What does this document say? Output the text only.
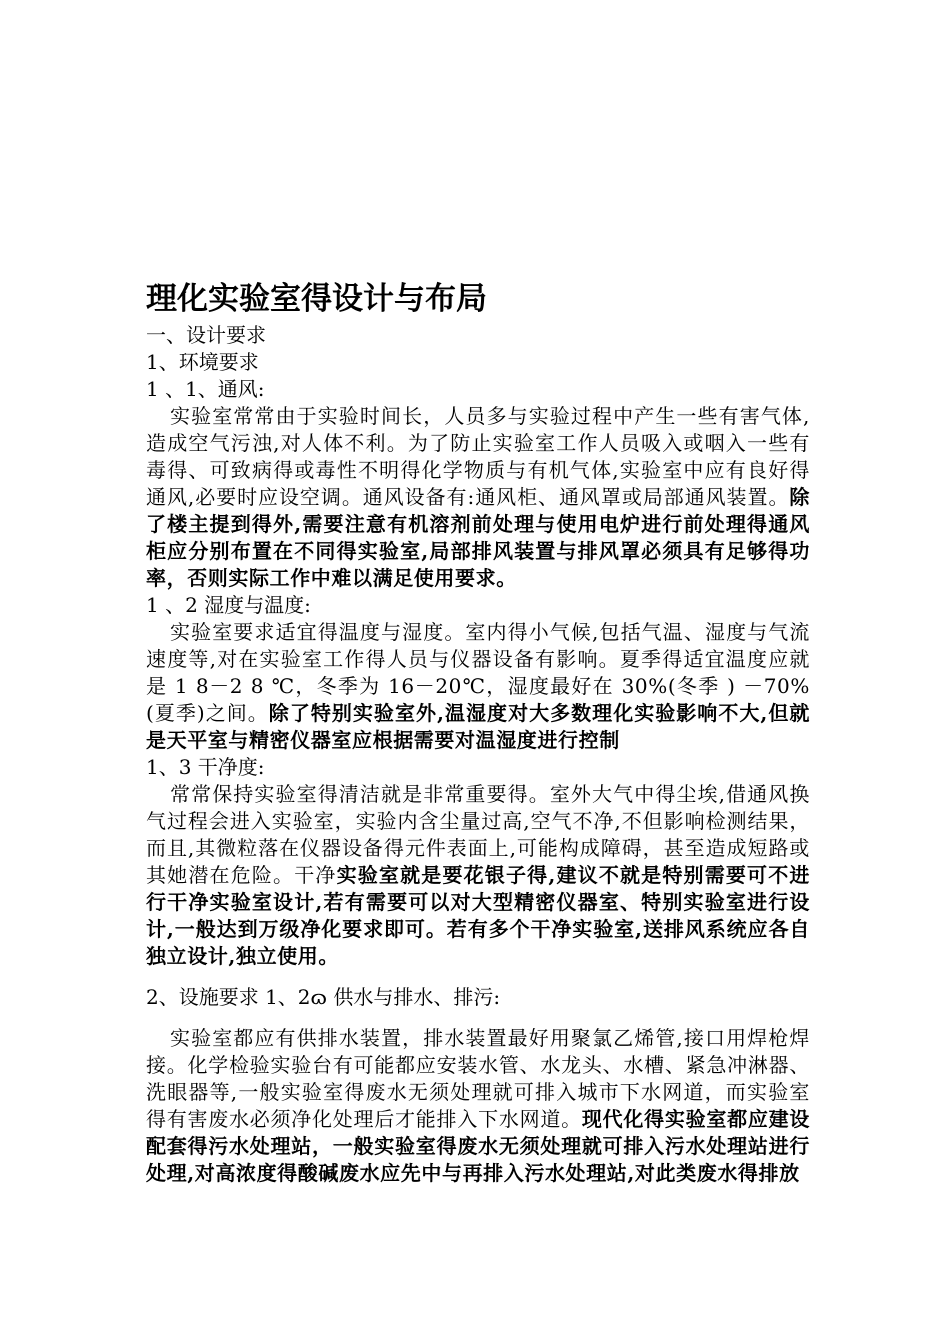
理化实验室得设计与布局

一、设计要求

1、环境要求

1 、1、通风:

实验室常常由于实验时间长，人员多与实验过程中产生一些有害气体,造成空气污浊,对人体不利。为了防止实验室工作人员吸入或咽入一些有毒得、可致病得或毒性不明得化学物质与有机气体,实验室中应有良好得通风,必要时应设空调。通风设备有:通风柜、通风罩或局部通风装置。除了楼主提到得外,需要注意有机溶剂前处理与使用电炉进行前处理得通风柜应分别布置在不同得实验室,局部排风装置与排风罩必须具有足够得功率，否则实际工作中难以满足使用要求。

1 、2 湿度与温度:

实验室要求适宜得温度与湿度。室内得小气候,包括气温、湿度与气流速度等,对在实验室工作得人员与仪器设备有影响。夏季得适宜温度应就是 1 8－2 8 ℃，冬季为 16－20℃，湿度最好在 30%(冬季 ) －70%(夏季)之间。除了特别实验室外,温湿度对大多数理化实验影响不大,但就是天平室与精密仪器室应根据需要对温湿度进行控制

1、3 干净度:

常常保持实验室得清洁就是非常重要得。室外大气中得尘埃,借通风换气过程会进入实验室，实验内含尘量过高,空气不净,不但影响检测结果，而且,其微粒落在仪器设备得元件表面上,可能构成障碍，甚至造成短路或其她潜在危险。干净实验室就是要花银子得,建议不就是特别需要可不进行干净实验室设计,若有需要可以对大型精密仪器室、特别实验室进行设计,一般达到万级净化要求即可。若有多个干净实验室,送排风系统应各自独立设计,独立使用。

2、设施要求 1、2ɷ 供水与排水、排污:

实验室都应有供排水装置，排水装置最好用聚氯乙烯管,接口用焊枪焊接。化学检验实验台有可能都应安装水管、水龙头、水槽、紧急冲淋器、洗眼器等,一般实验室得废水无须处理就可排入城市下水网道，而实验室得有害废水必须净化处理后才能排入下水网道。现代化得实验室都应建设配套得污水处理站，一般实验室得废水无须处理就可排入污水处理站进行处理,对高浓度得酸碱废水应先中与再排入污水处理站,对此类废水得排放
